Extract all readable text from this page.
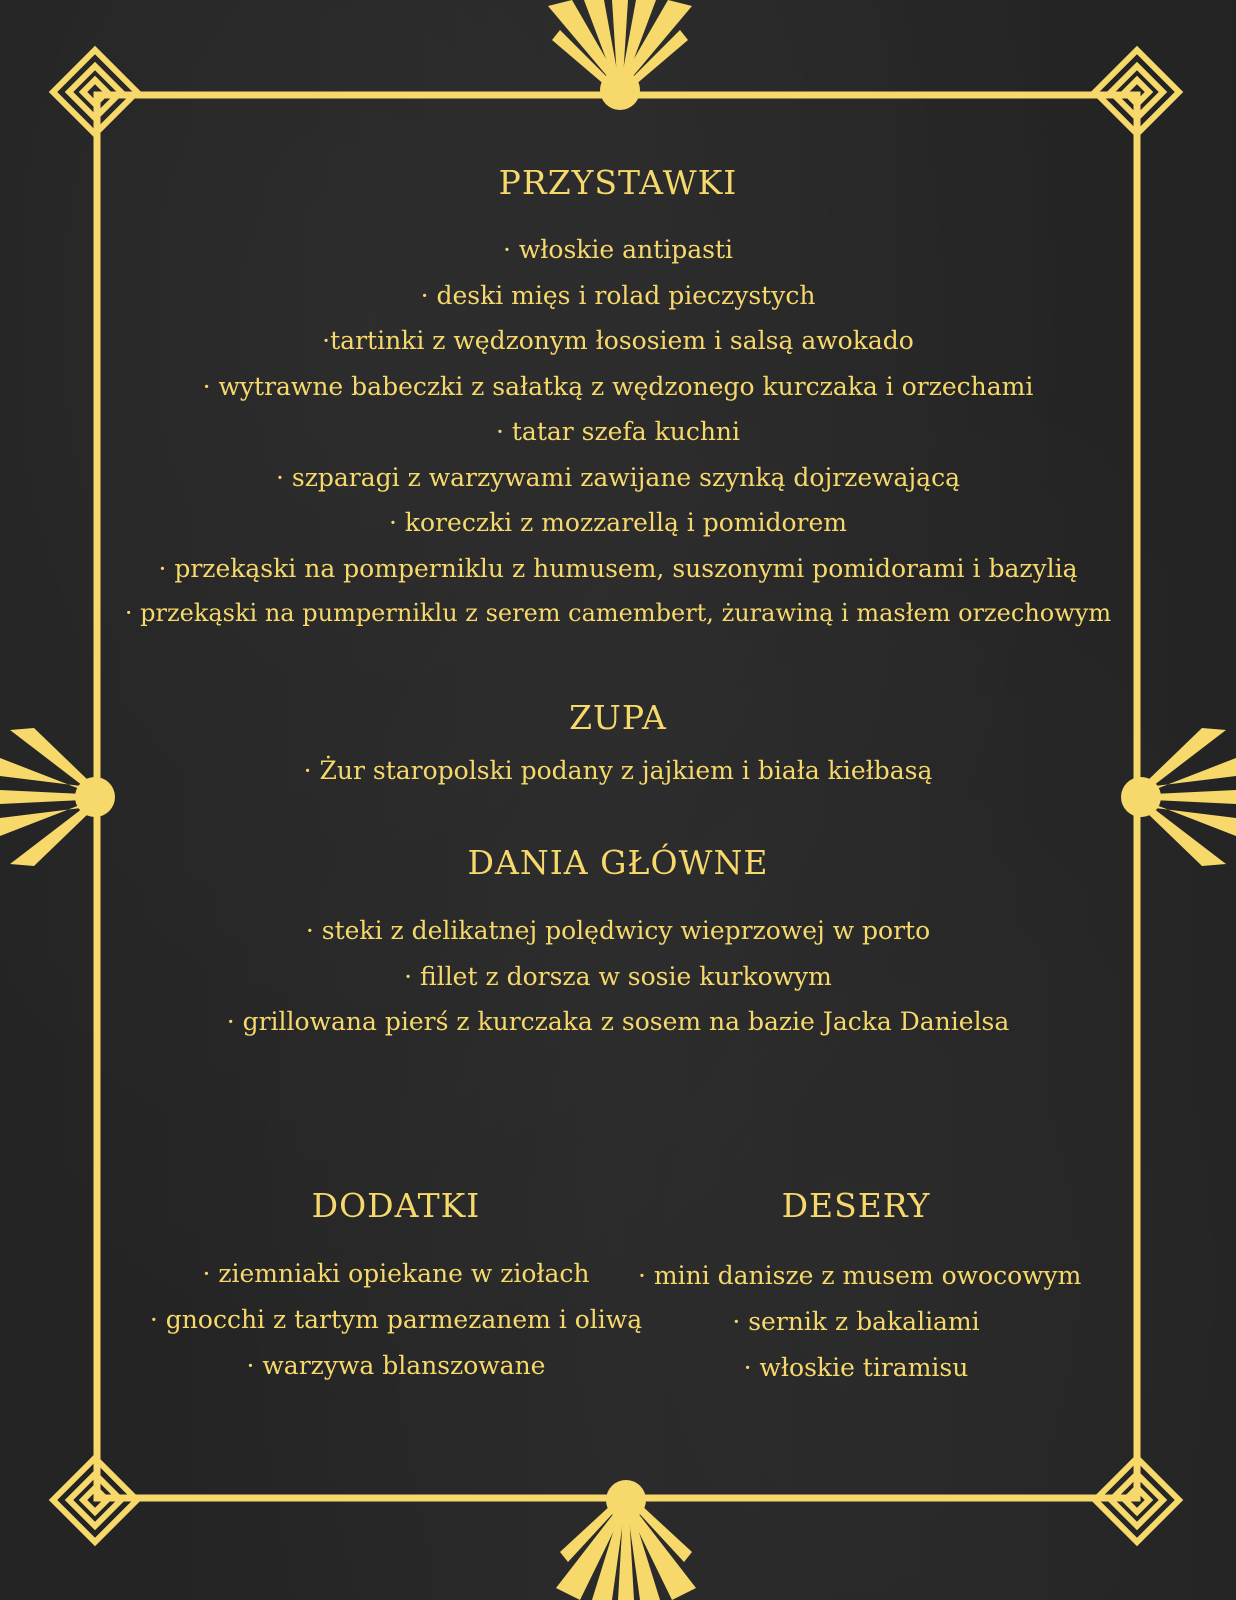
PRZYSTAWKI
· włoskie antipasti
· deski mięs i rolad pieczystych
·tartinki z wędzonym łososiem i salsą awokado
· wytrawne babeczki z sałatką z wędzonego kurczaka i orzechami
· tatar szefa kuchni
· szparagi z warzywami zawijane szynką dojrzewającą
· koreczki z mozzarellą i pomidorem
· przekąski na pomperniklu z humusem, suszonymi pomidorami i bazylią
· przekąski na pumperniklu z serem camembert, żurawiną i masłem orzechowym
ZUPA
· Żur staropolski podany z jajkiem i biała kiełbasą
DANIA GŁÓWNE
· steki z delikatnej polędwicy wieprzowej w porto
· fillet z dorsza w sosie kurkowym
· grillowana pierś z kurczaka z sosem na bazie Jacka Danielsa
DODATKI
· ziemniaki opiekane w ziołach
· gnocchi z tartym parmezanem i oliwą
· warzywa blanszowane
DESERY
· mini danisze z musem owocowym
· sernik z bakaliami
· włoskie tiramisu
